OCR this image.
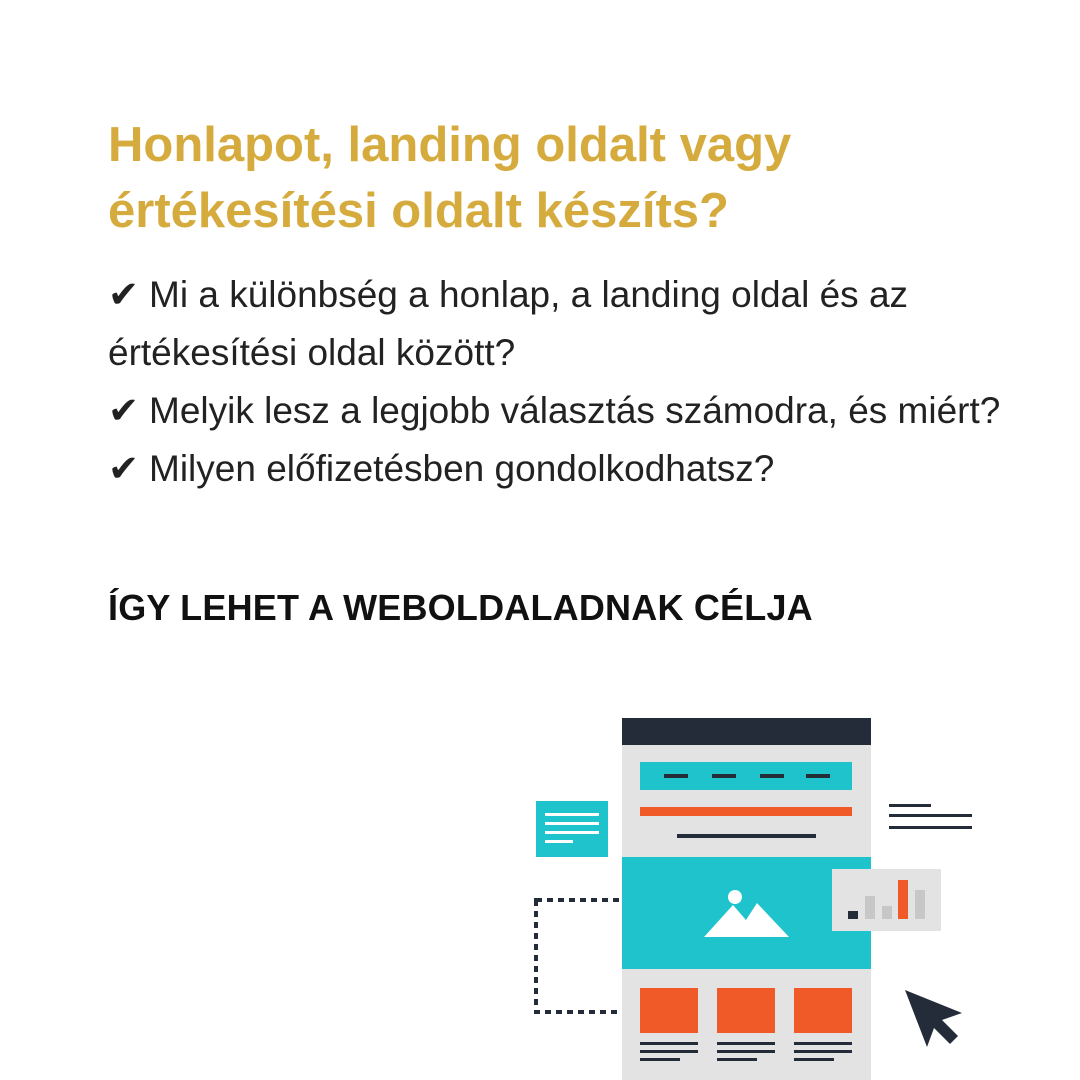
Honlapot, landing oldalt vagy értékesítési oldalt készíts?
✔ Mi a különbség a honlap, a landing oldal és az értékesítési oldal között?
✔ Melyik lesz a legjobb választás számodra, és miért?
✔ Milyen előfizetésben gondolkodhatsz?

ÍGY LEHET A WEBOLDALADNAK CÉLJA
